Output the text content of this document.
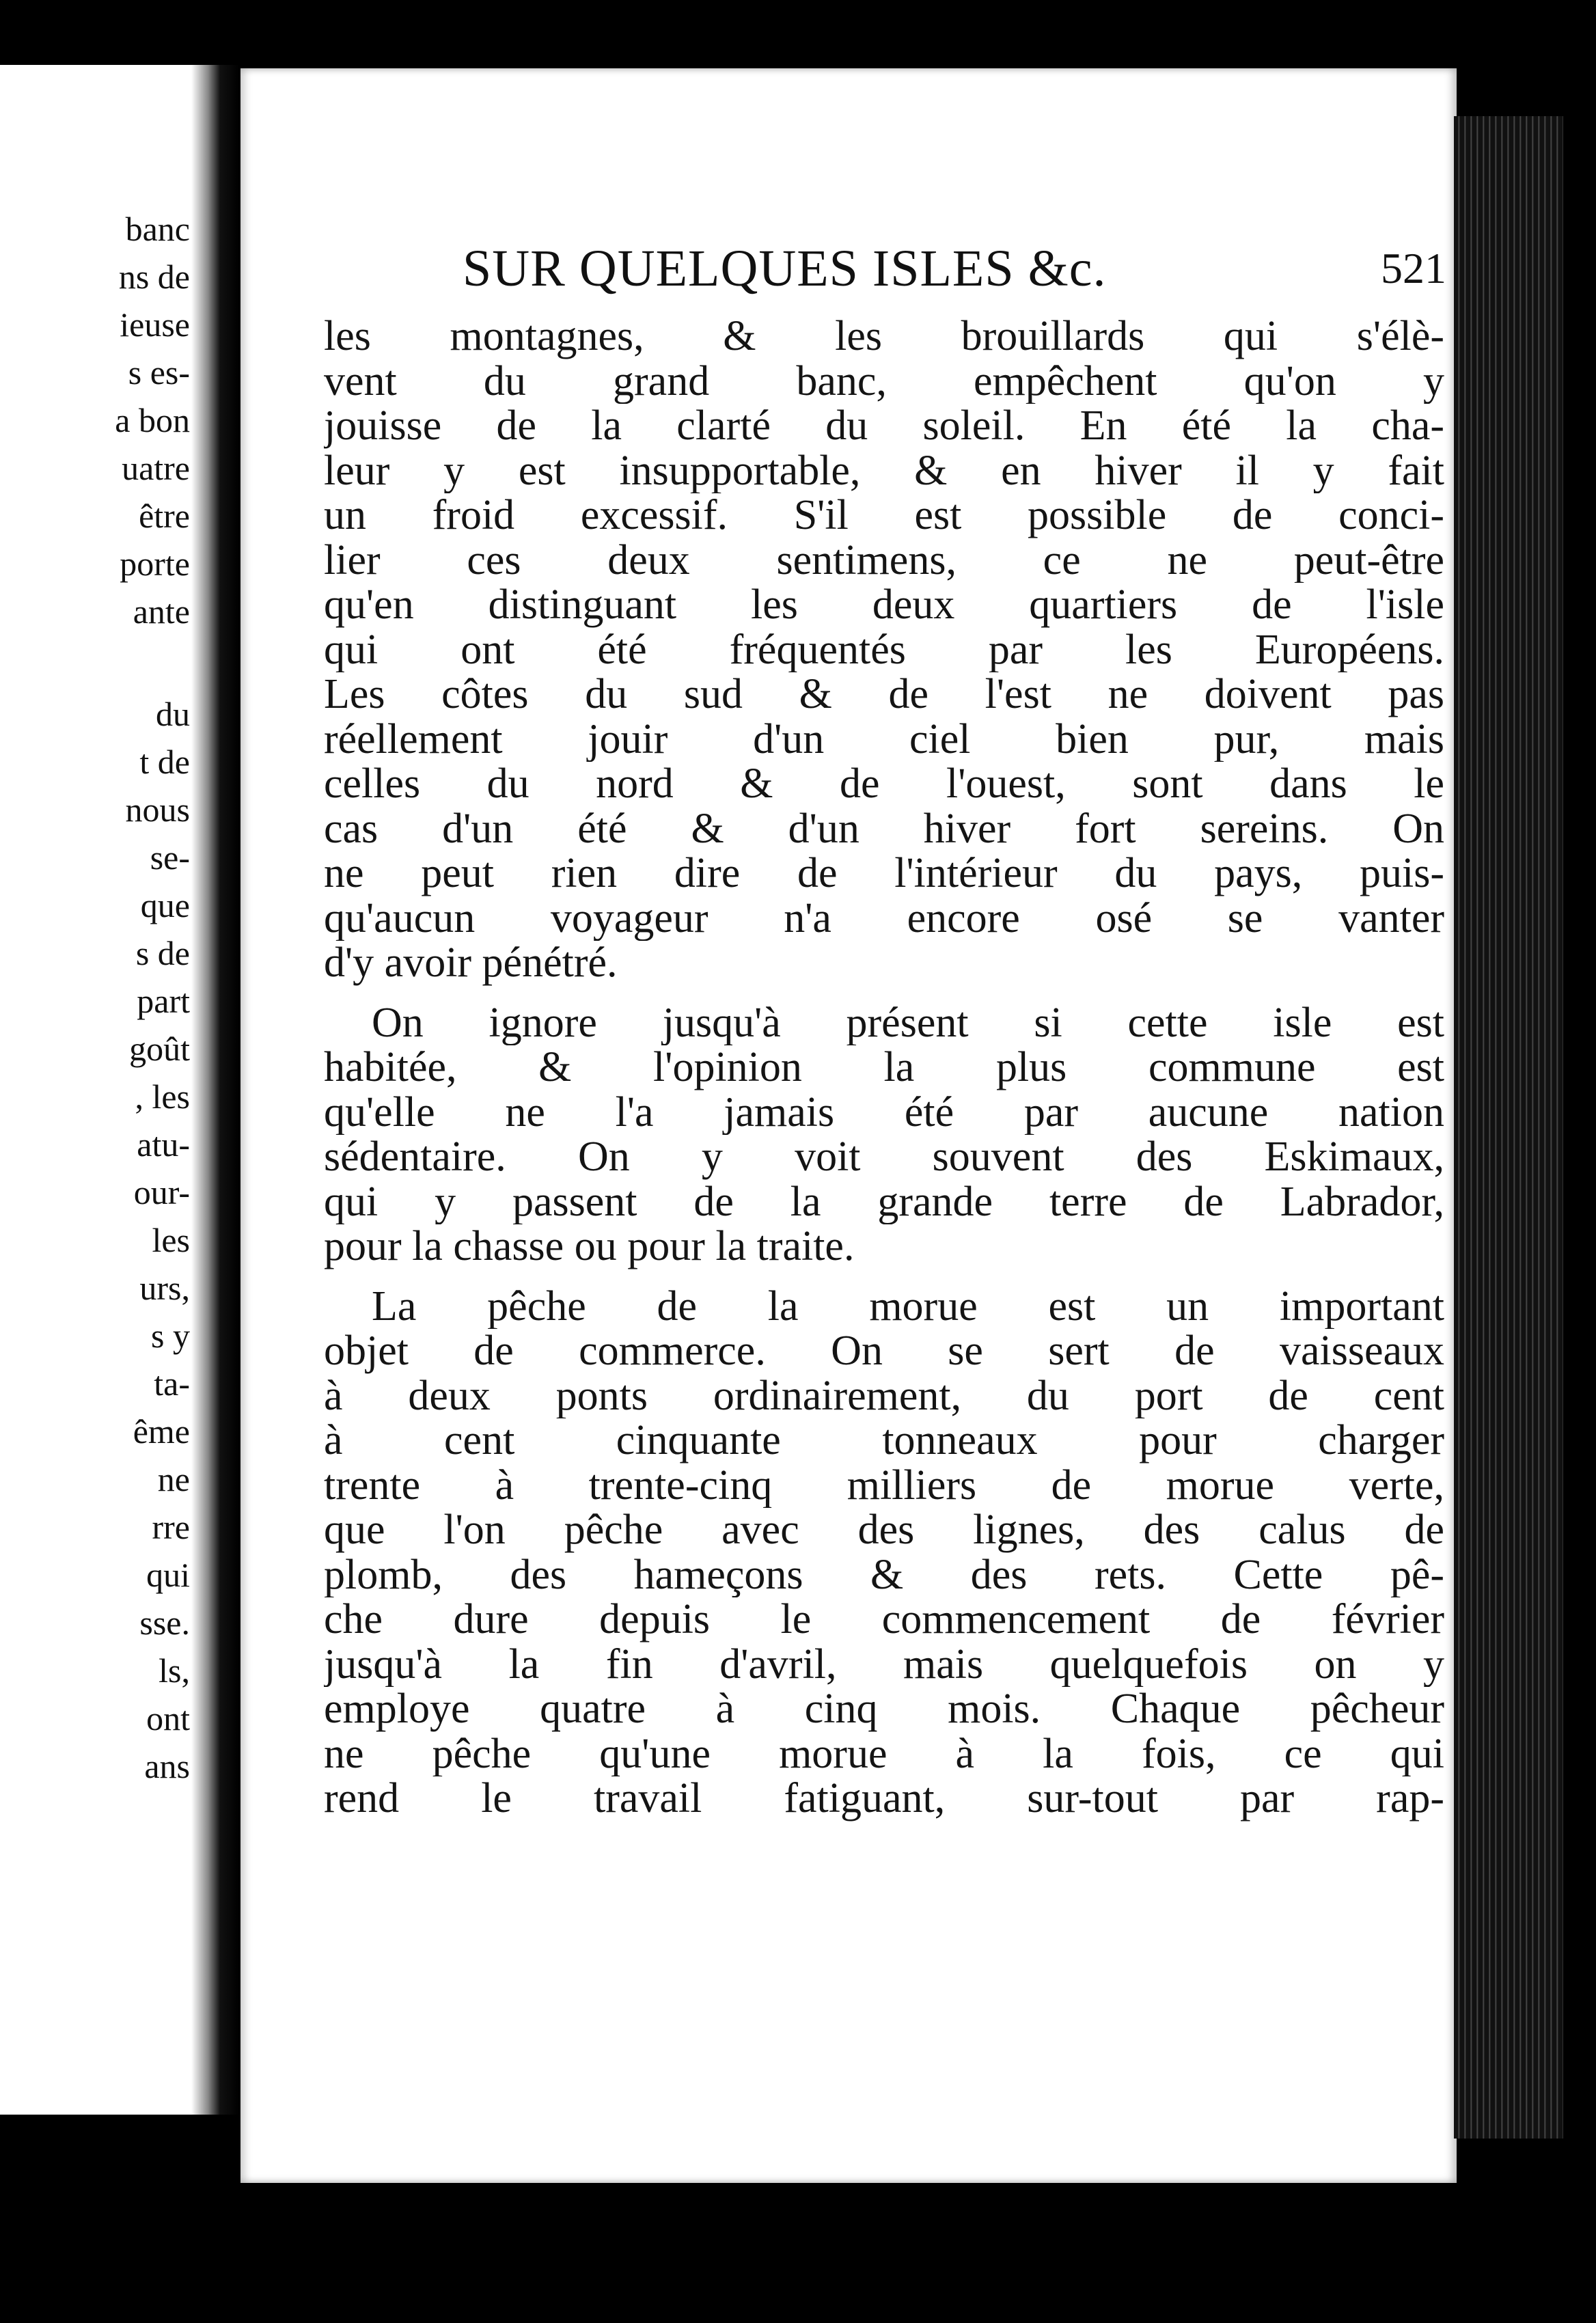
banc
ns de
ieuse
s es-
a bon
uatre
être
porte
ante
du
t de
nous
se-
que
s de
part
goût
, les
atu-
our-
les
urs,
s y
ta-
ême
ne
rre
qui
sse.
ls,
ont
ans
SUR QUELQUES ISLES &c.	521
les montagnes, & les brouillards qui s'élè-
vent du grand banc, empêchent qu'on y
jouisse de la clarté du soleil. En été la cha-
leur y est insupportable, & en hiver il y fait
un froid excessif. S'il est possible de conci-
lier ces deux sentimens, ce ne peut-être
qu'en distinguant les deux quartiers de l'isle
qui ont été fréquentés par les Européens.
Les côtes du sud & de l'est ne doivent pas
réellement jouir d'un ciel bien pur, mais
celles du nord & de l'ouest, sont dans le
cas d'un été & d'un hiver fort sereins. On
ne peut rien dire de l'intérieur du pays, puis-
qu'aucun voyageur n'a encore osé se vanter
d'y avoir pénétré.
On ignore jusqu'à présent si cette isle est
habitée, & l'opinion la plus commune est
qu'elle ne l'a jamais été par aucune nation
sédentaire. On y voit souvent des Eskimaux,
qui y passent de la grande terre de Labrador,
pour la chasse ou pour la traite.
La pêche de la morue est un important
objet de commerce. On se sert de vaisseaux
à deux ponts ordinairement, du port de cent
à cent cinquante tonneaux pour charger
trente à trente-cinq milliers de morue verte,
que l'on pêche avec des lignes, des calus de
plomb, des hameçons & des rets. Cette pê-
che dure depuis le commencement de février
jusqu'à la fin d'avril, mais quelquefois on y
employe quatre à cinq mois. Chaque pêcheur
ne pêche qu'une morue à la fois, ce qui
rend le travail fatiguant, sur-tout par rap-
